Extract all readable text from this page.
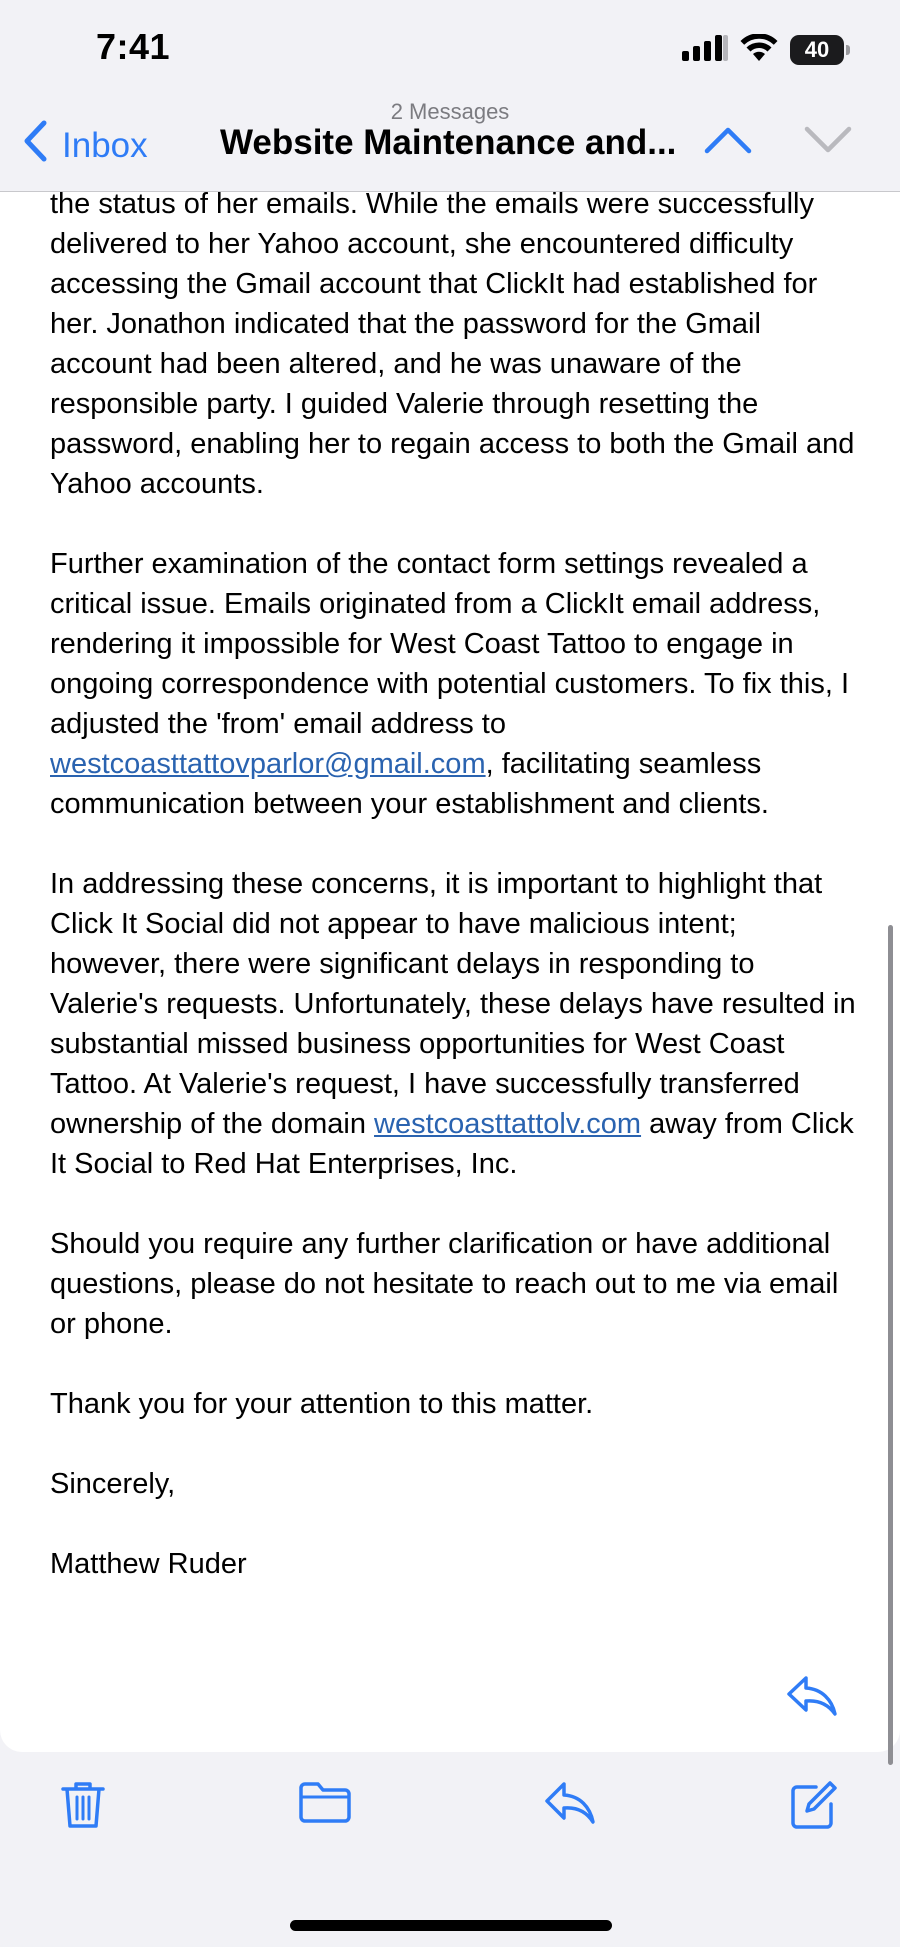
7:41	40
2 Messages
Inbox Website Maintenance and...

the status of her emails. While the emails were successfully delivered to her Yahoo account, she encountered difficulty accessing the Gmail account that ClickIt had established for her. Jonathon indicated that the password for the Gmail account had been altered, and he was unaware of the responsible party. I guided Valerie through resetting the password, enabling her to regain access to both the Gmail and Yahoo accounts.

Further examination of the contact form settings revealed a critical issue. Emails originated from a ClickIt email address, rendering it impossible for West Coast Tattoo to engage in ongoing correspondence with potential customers. To fix this, I adjusted the 'from' email address to westcoasttattovparlor@gmail.com, facilitating seamless communication between your establishment and clients.

In addressing these concerns, it is important to highlight that Click It Social did not appear to have malicious intent; however, there were significant delays in responding to Valerie's requests. Unfortunately, these delays have resulted in substantial missed business opportunities for West Coast Tattoo. At Valerie's request, I have successfully transferred ownership of the domain westcoasttattolv.com away from Click It Social to Red Hat Enterprises, Inc.

Should you require any further clarification or have additional questions, please do not hesitate to reach out to me via email or phone.

Thank you for your attention to this matter.

Sincerely,

Matthew Ruder
